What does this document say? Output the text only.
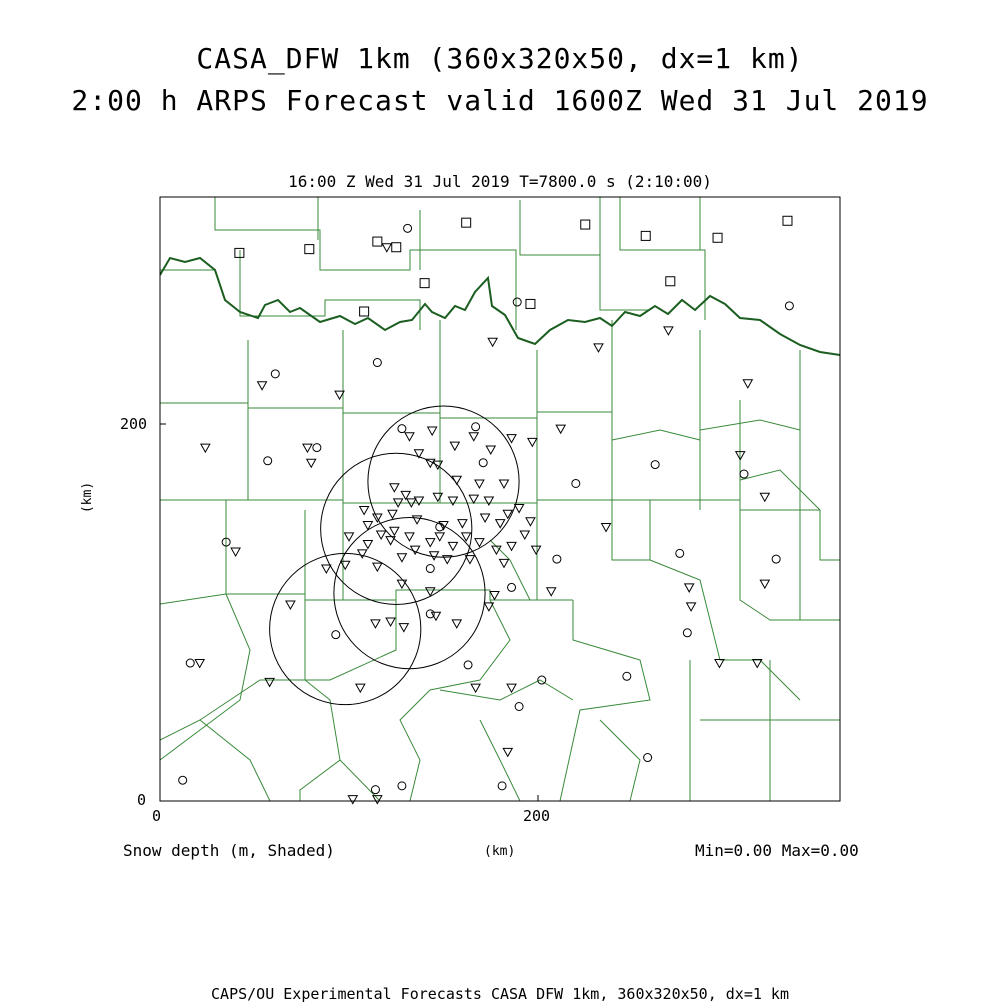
CASA_DFW 1km (360x320x50, dx=1 km)
2:00 h ARPS Forecast valid 1600Z Wed 31 Jul 2019
16:00 Z Wed 31 Jul 2019 T=7800.0 s (2:10:00)
0	200
0
200
(km)
(km)
Snow depth (m, Shaded)	Min=0.00 Max=0.00
CAPS/OU Experimental Forecasts CASA DFW 1km, 360x320x50, dx=1 km
